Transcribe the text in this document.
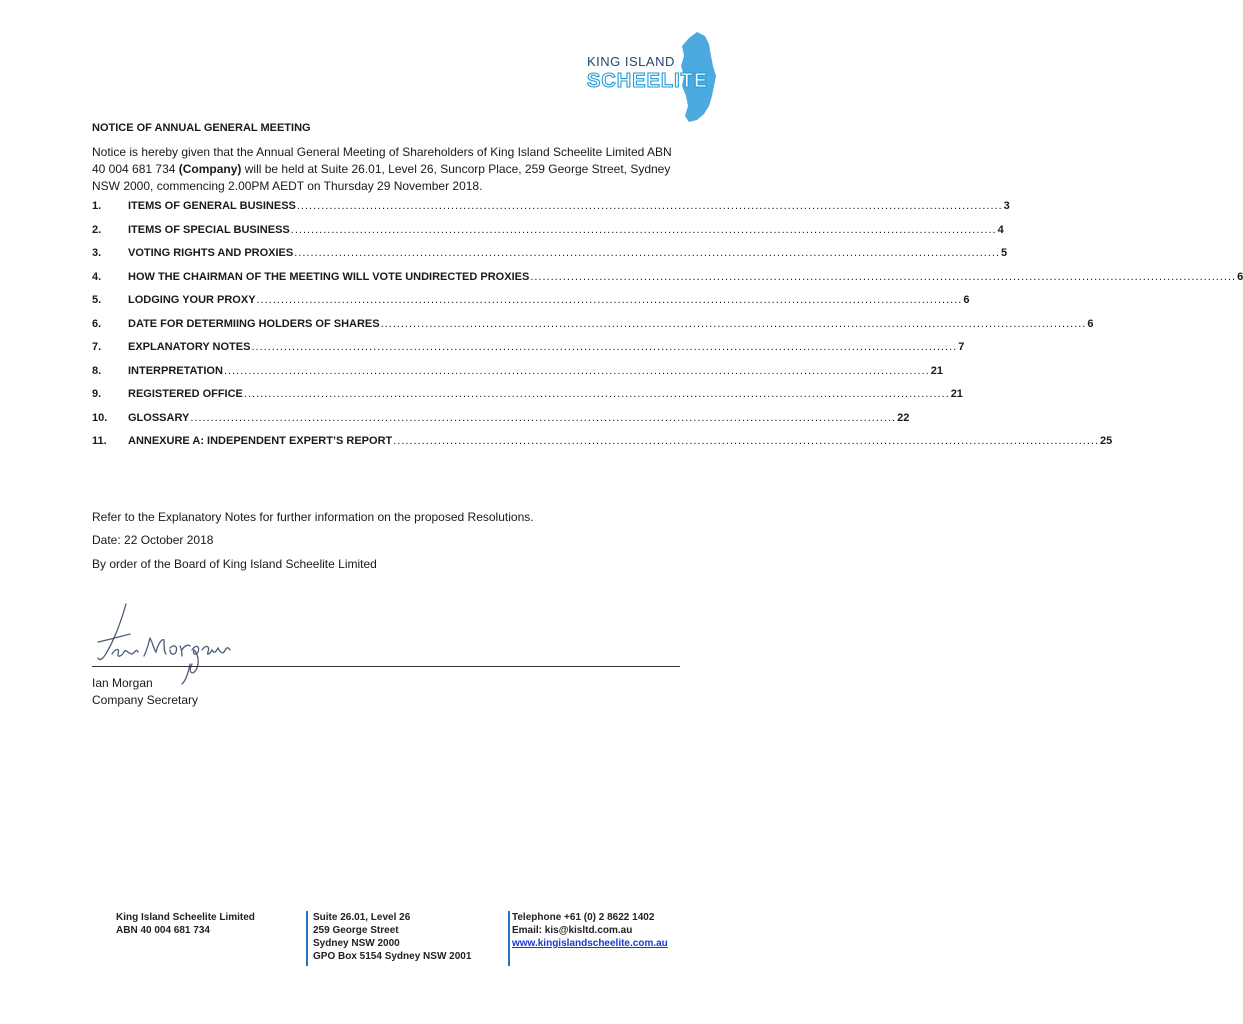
KING ISLAND
SCHEELITE
NOTICE OF ANNUAL GENERAL MEETING
Notice is hereby given that the Annual General Meeting of Shareholders of King Island Scheelite Limited ABN 40 004 681 734 (Company) will be held at Suite 26.01, Level 26, Suncorp Place, 259 George Street, Sydney NSW 2000, commencing 2.00PM AEDT on Thursday 29 November 2018.
1.	ITEMS OF GENERAL BUSINESS .............................................................................................................................................................................. 3
2.	ITEMS OF SPECIAL BUSINESS .............................................................................................................................................................................. 4
3.	VOTING RIGHTS AND PROXIES .............................................................................................................................................................................. 5
4.	HOW THE CHAIRMAN OF THE MEETING WILL VOTE UNDIRECTED PROXIES .............................................................................................................................................................................. 6
5.	LODGING YOUR PROXY .............................................................................................................................................................................. 6
6.	DATE FOR DETERMIING HOLDERS OF SHARES .............................................................................................................................................................................. 6
7.	EXPLANATORY NOTES .............................................................................................................................................................................. 7
8.	INTERPRETATION .............................................................................................................................................................................. 21
9.	REGISTERED OFFICE .............................................................................................................................................................................. 21
10.	GLOSSARY .............................................................................................................................................................................. 22
11.	ANNEXURE A: INDEPENDENT EXPERT’S REPORT .............................................................................................................................................................................. 25
Refer to the Explanatory Notes for further information on the proposed Resolutions.
Date: 22 October 2018
By order of the Board of King Island Scheelite Limited
Ian Morgan
Company Secretary
King Island Scheelite Limited
ABN 40 004 681 734
Suite 26.01, Level 26
259 George Street
Sydney NSW 2000
GPO Box 5154 Sydney NSW 2001
Telephone +61 (0) 2 8622 1402
Email: kis@kisltd.com.au
www.kingislandscheelite.com.au
